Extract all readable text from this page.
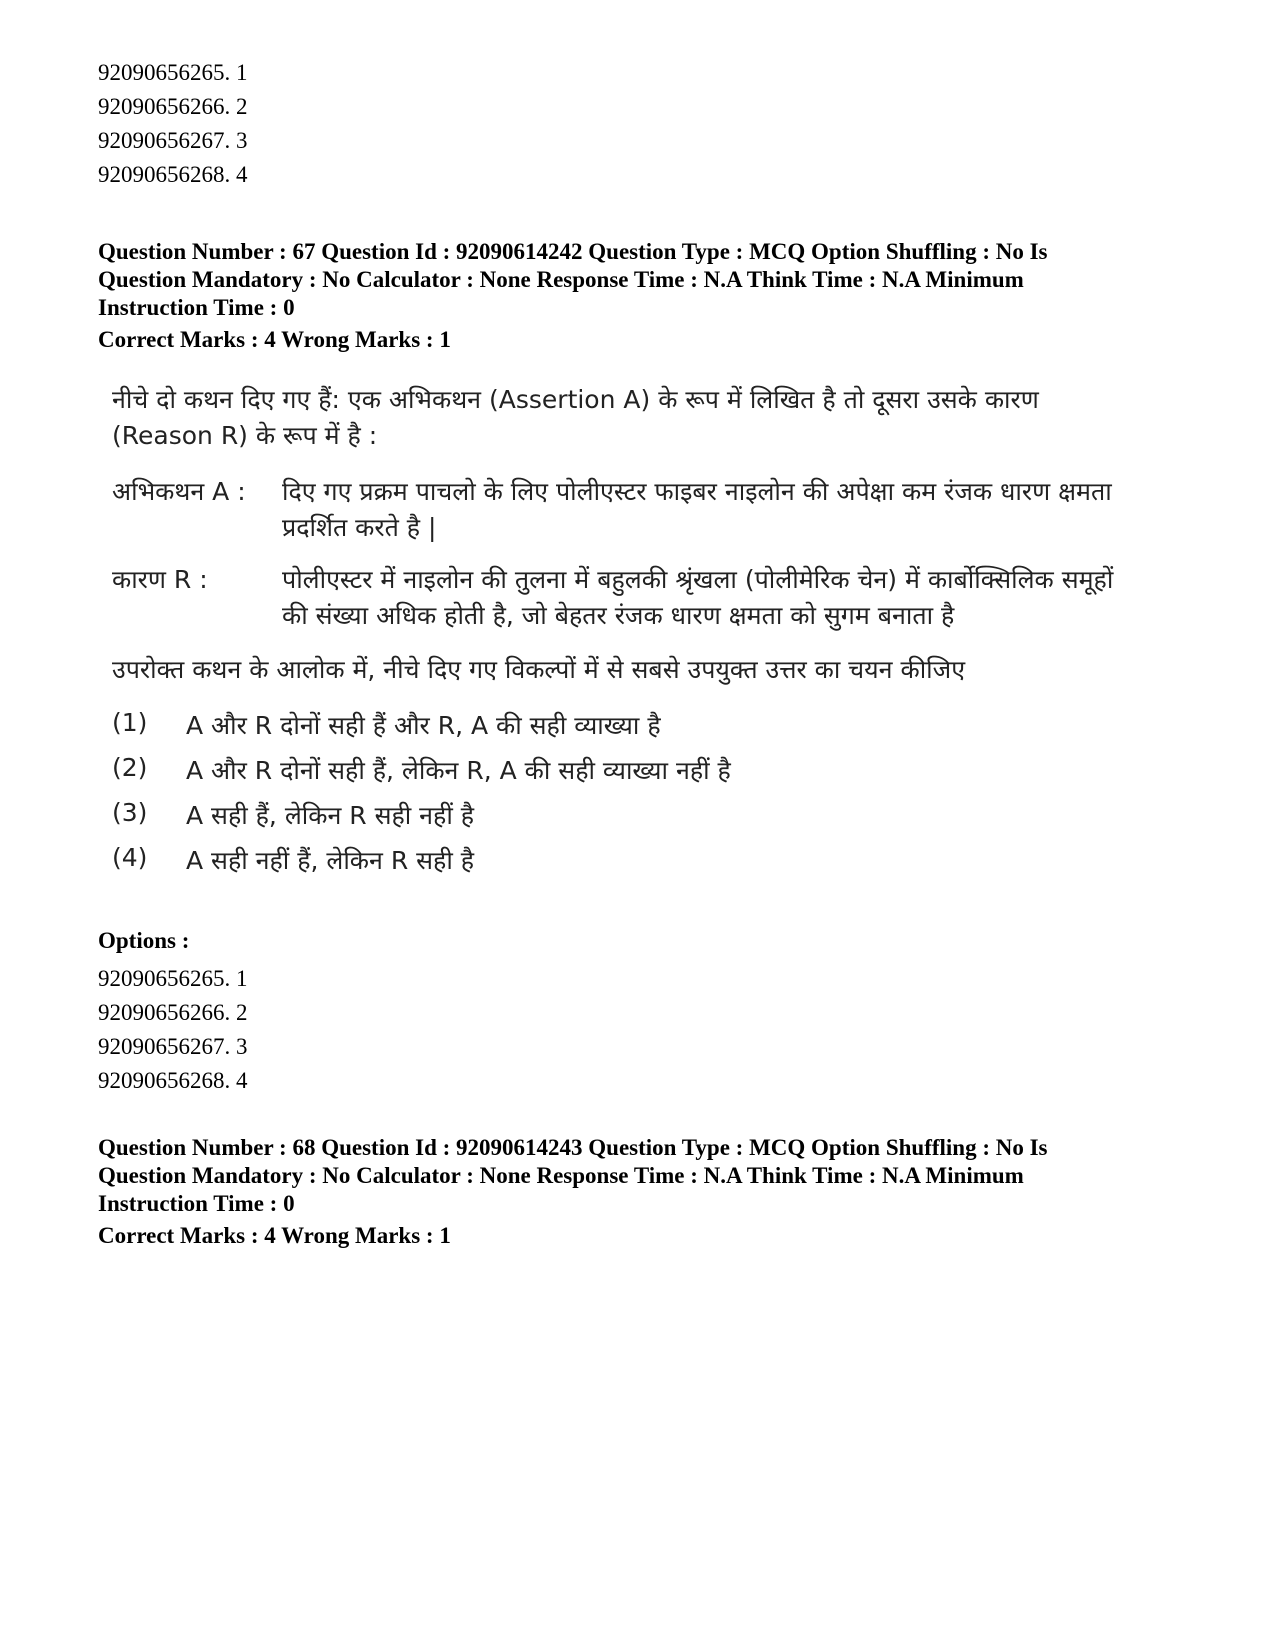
92090656265. 1
92090656266. 2
92090656267. 3
92090656268. 4
Question Number : 67 Question Id : 92090614242 Question Type : MCQ Option Shuffling : No Is
Question Mandatory : No Calculator : None Response Time : N.A Think Time : N.A Minimum
Instruction Time : 0
Correct Marks : 4 Wrong Marks : 1

नीचे दो कथन दिए गए हैं: एक अभिकथन (Assertion A) के रूप में लिखित है तो दूसरा उसके कारण (Reason R) के रूप में है :

अभिकथन A :	दिए गए प्रक्रम पाचलो के लिए पोलीएस्टर फाइबर नाइलोन की अपेक्षा कम रंजक धारण क्षमता प्रदर्शित करते है |
कारण R :	पोलीएस्टर में नाइलोन की तुलना में बहुलकी श्रृंखला (पोलीमेरिक चेन) में कार्बोक्सिलिक समूहों की संख्या अधिक होती है, जो बेहतर रंजक धारण क्षमता को सुगम बनाता है
उपरोक्त कथन के आलोक में, नीचे दिए गए विकल्पों में से सबसे उपयुक्त उत्तर का चयन कीजिए
(1)	A और R दोनों सही हैं और R, A की सही व्याख्या है
(2)	A और R दोनों सही हैं, लेकिन R, A की सही व्याख्या नहीं है
(3)	A सही हैं, लेकिन R सही नहीं है
(4)	A सही नहीं हैं, लेकिन R सही है
Options :
92090656265. 1
92090656266. 2
92090656267. 3
92090656268. 4
Question Number : 68 Question Id : 92090614243 Question Type : MCQ Option Shuffling : No Is
Question Mandatory : No Calculator : None Response Time : N.A Think Time : N.A Minimum
Instruction Time : 0
Correct Marks : 4 Wrong Marks : 1
